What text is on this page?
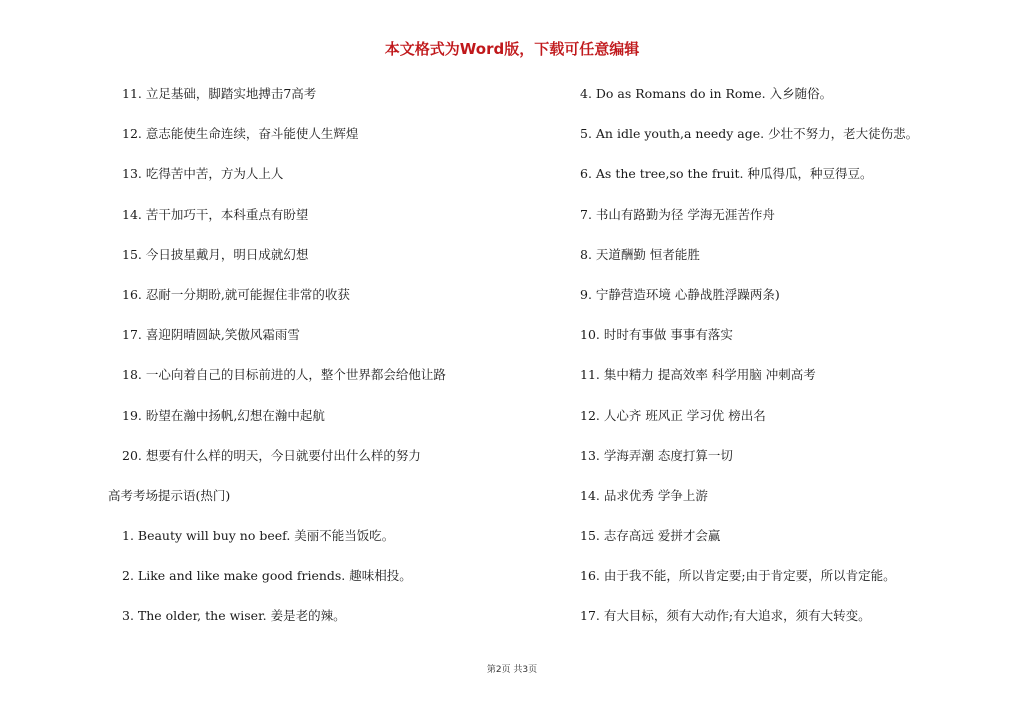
本文格式为Word版，下载可任意编辑
11. 立足基础，脚踏实地搏击7高考
12. 意志能使生命连续，奋斗能使人生辉煌
13. 吃得苦中苦，方为人上人
14. 苦干加巧干，本科重点有盼望
15. 今日披星戴月，明日成就幻想
16. 忍耐一分期盼,就可能握住非常的收获
17. 喜迎阴晴圆缺,笑傲风霜雨雪
18. 一心向着自己的目标前进的人，整个世界都会给他让路
19. 盼望在瀚中扬帆,幻想在瀚中起航
20. 想要有什么样的明天，今日就要付出什么样的努力
高考考场提示语(热门)
1. Beauty will buy no beef. 美丽不能当饭吃。
2. Like and like make good friends. 趣味相投。
3. The older, the wiser. 姜是老的辣。
4. Do as Romans do in Rome. 入乡随俗。
5. An idle youth,a needy age. 少壮不努力，老大徒伤悲。
6. As the tree,so the fruit. 种瓜得瓜，种豆得豆。
7. 书山有路勤为径 学海无涯苦作舟
8. 天道酬勤 恒者能胜
9. 宁静营造环境 心静战胜浮躁两条)
10. 时时有事做 事事有落实
11. 集中精力 提高效率 科学用脑 冲刺高考
12. 人心齐 班风正 学习优 榜出名
13. 学海弄潮 态度打算一切
14. 品求优秀 学争上游
15. 志存高远 爱拼才会赢
16. 由于我不能，所以肯定要;由于肯定要，所以肯定能。
17. 有大目标，须有大动作;有大追求，须有大转变。
第2页 共3页
